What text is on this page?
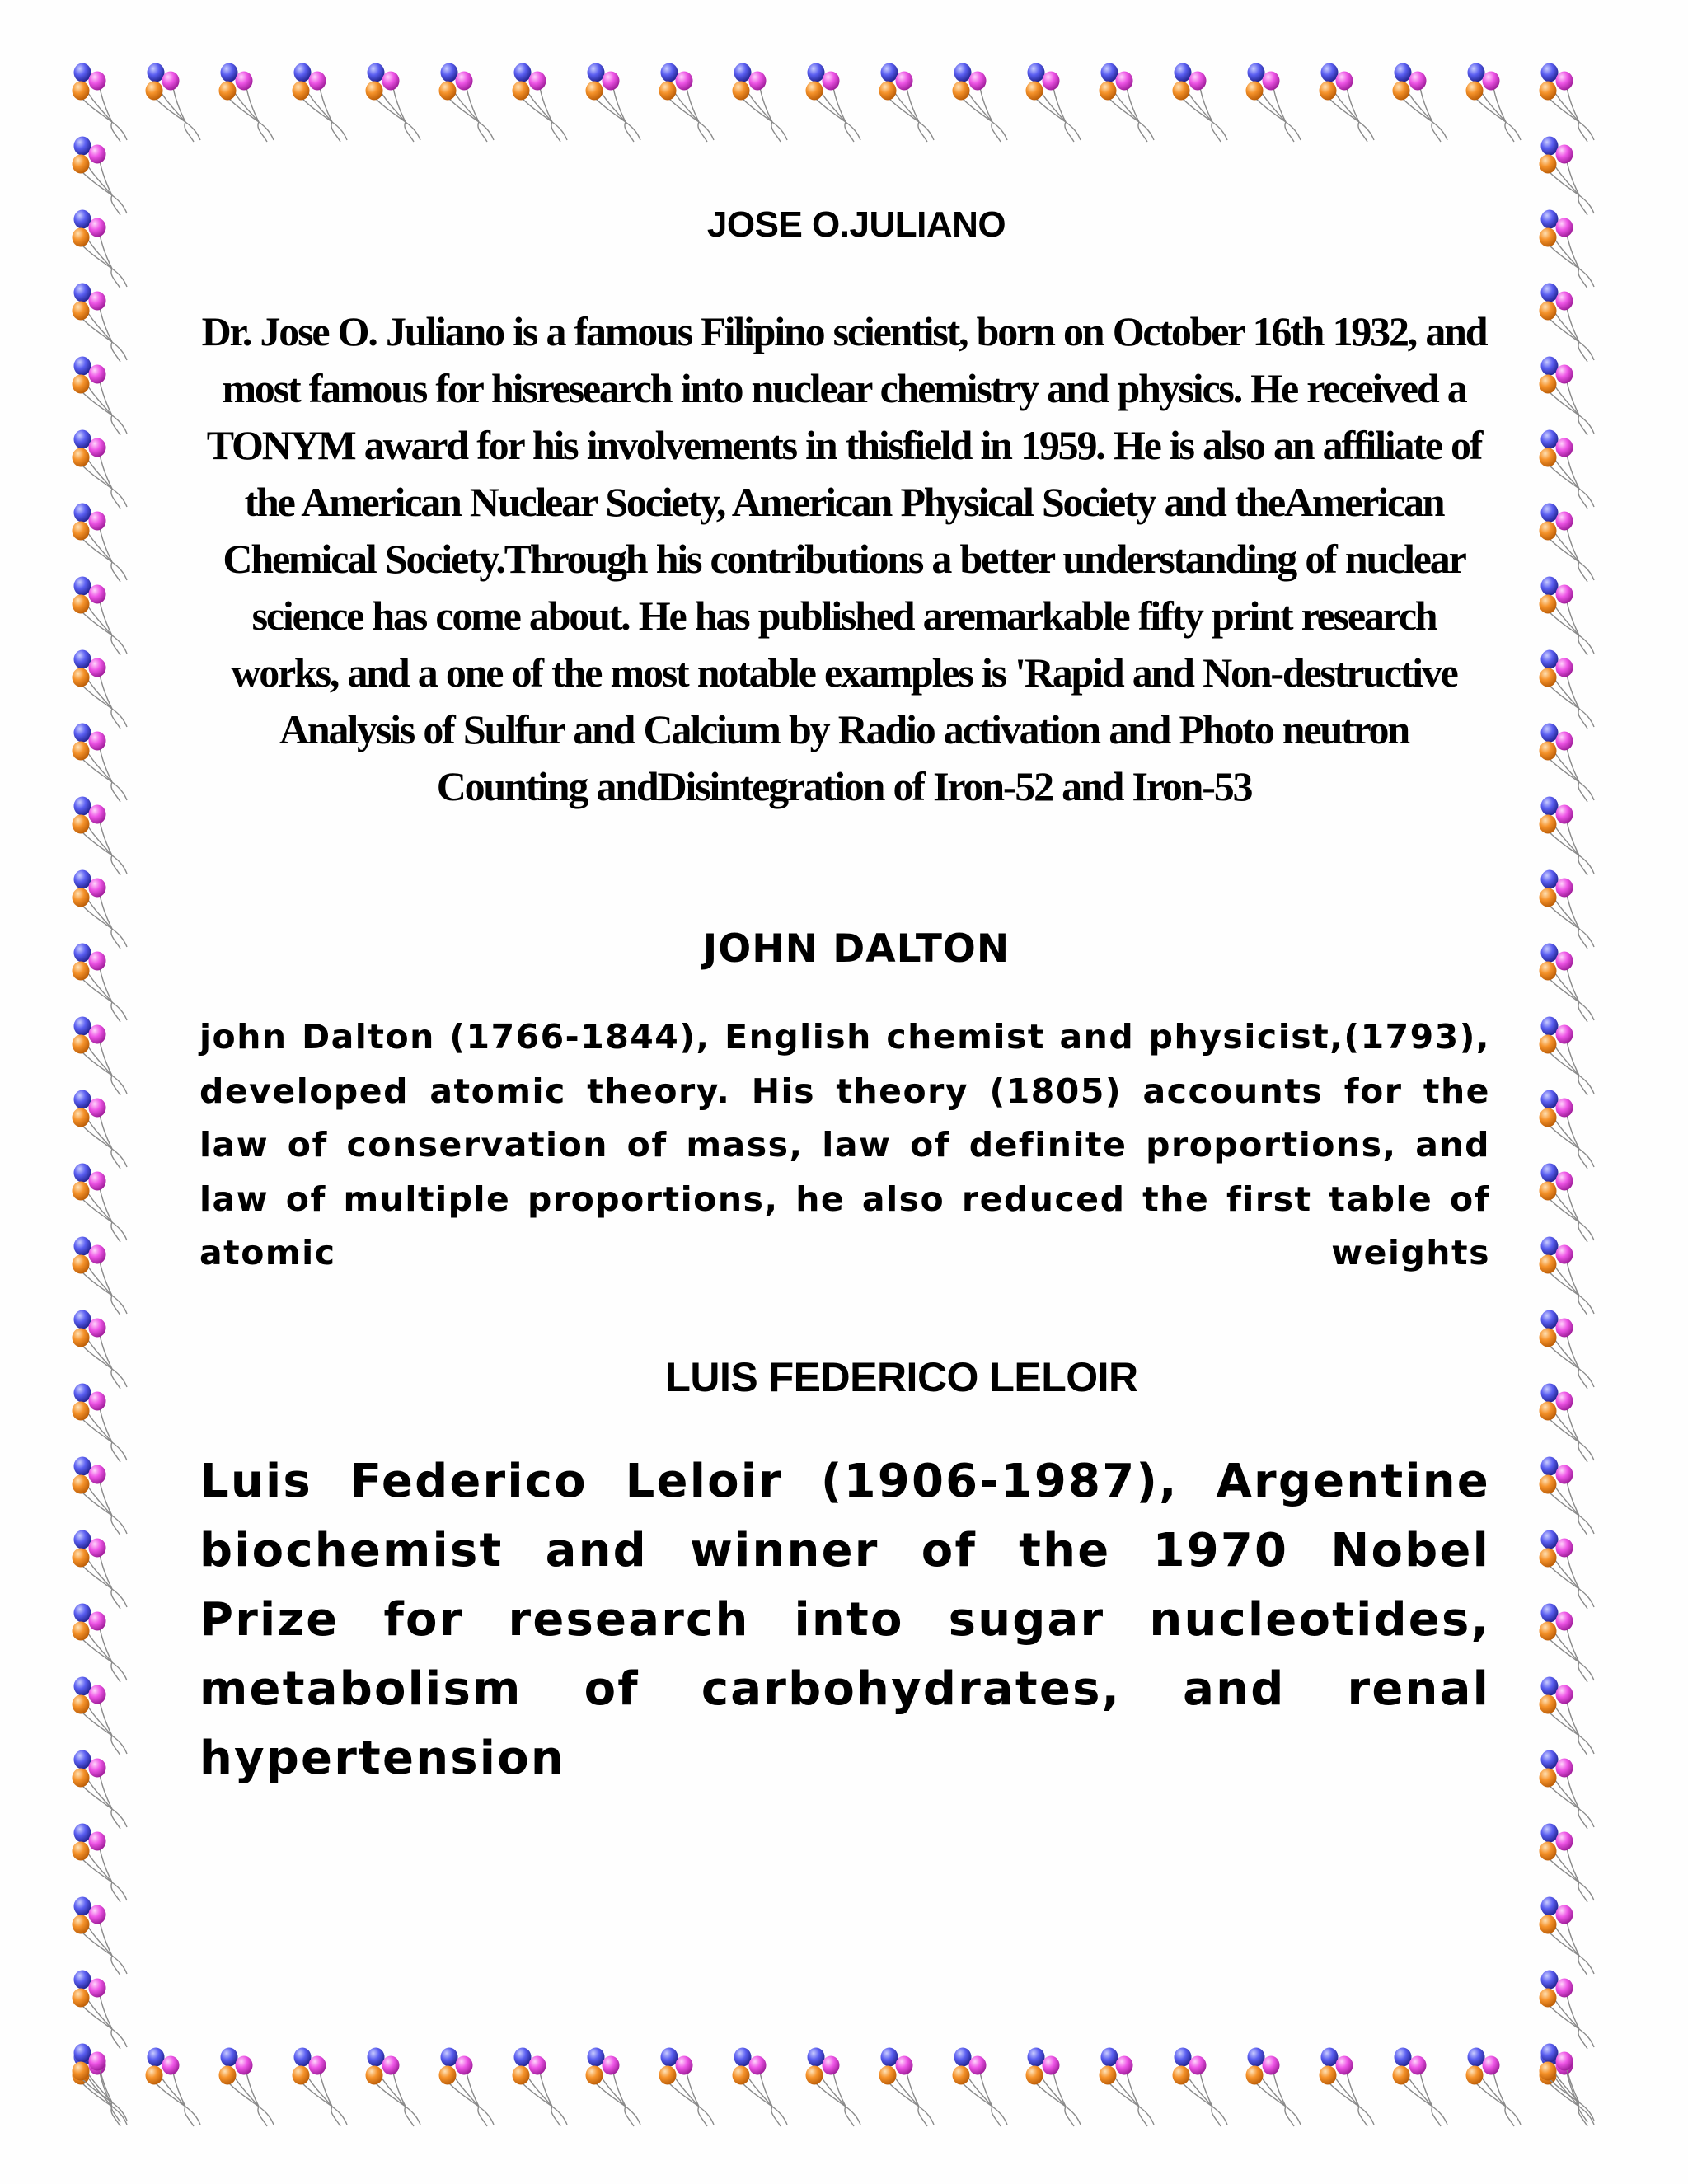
JOSE O.JULIANO

Dr. Jose O. Juliano is a famous Filipino scientist, born on October 16th 1932, and most famous for hisresearch into nuclear chemistry and physics. He received a TONYM award for his involvements in thisfield in 1959. He is also an affiliate of the American Nuclear Society, American Physical Society and theAmerican Chemical Society.Through his contributions a better understanding of nuclear science has come about. He has published aremarkable fifty print research works, and a one of the most notable examples is 'Rapid and Non-destructive Analysis of Sulfur and Calcium by Radio activation and Photo neutron Counting andDisintegration of Iron-52 and Iron-53

JOHN DALTON

john Dalton (1766-1844), English chemist and physicist,(1793), developed atomic theory. His theory (1805) accounts for the law of conservation of mass, law of definite proportions, and law of multiple proportions, he also reduced the first table of atomic weights

LUIS FEDERICO LELOIR

Luis Federico Leloir (1906-1987), Argentine biochemist and winner of the 1970 Nobel Prize for research into sugar nucleotides, metabolism of carbohydrates, and renal hypertension
